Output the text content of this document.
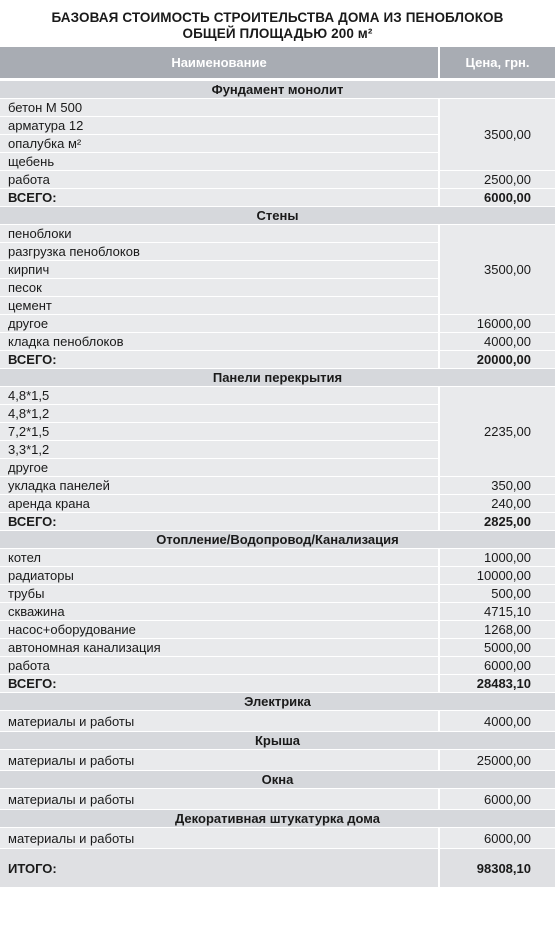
БАЗОВАЯ СТОИМОСТЬ СТРОИТЕЛЬСТВА ДОМА ИЗ ПЕНОБЛОКОВ
ОБЩЕЙ ПЛОЩАДЬЮ 200 м²
Наименование	Цена, грн.
Фундамент монолит	
бетон М 500	3500,00
арматура 12	
опалубка м²	
щебень	
работа	2500,00
ВСЕГО:	6000,00
Стены	
пеноблоки	3500,00
разгрузка пеноблоков	
кирпич	
песок	
цемент	
другое	16000,00
кладка пеноблоков	4000,00
ВСЕГО:	20000,00
Панели перекрытия	
4,8*1,5	2235,00
4,8*1,2	
7,2*1,5	
3,3*1,2	
другое	
укладка панелей	350,00
аренда крана	240,00
ВСЕГО:	2825,00
Отопление/Водопровод/Канализация	
котел	1000,00
радиаторы	10000,00
трубы	500,00
скважина	4715,10
насос+оборудование	1268,00
автономная канализация	5000,00
работа	6000,00
ВСЕГО:	28483,10
Электрика	
материалы и работы	4000,00
Крыша	
материалы и работы	25000,00
Окна	
материалы и работы	6000,00
Декоративная штукатурка дома	
материалы и работы	6000,00
ИТОГО:	98308,10
